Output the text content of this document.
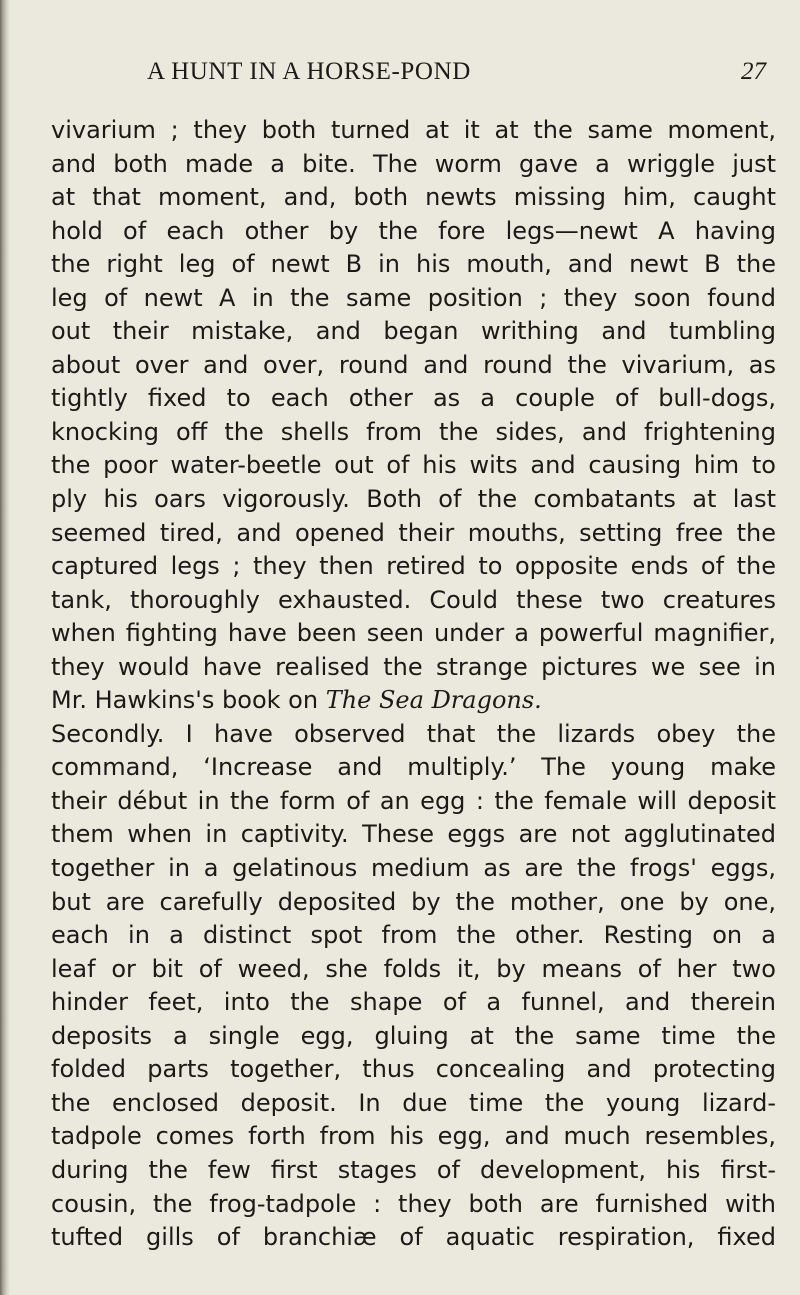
A HUNT IN A HORSE-POND	27
vivarium ; they both turned at it at the same moment,
and both made a bite. The worm gave a wriggle just
at that moment, and, both newts missing him, caught
hold of each other by the fore legs—newt A having
the right leg of newt B in his mouth, and newt B the
leg of newt A in the same position ; they soon found
out their mistake, and began writhing and tumbling
about over and over, round and round the vivarium, as
tightly fixed to each other as a couple of bull-dogs,
knocking off the shells from the sides, and frightening
the poor water-beetle out of his wits and causing him to
ply his oars vigorously. Both of the combatants at last
seemed tired, and opened their mouths, setting free the
captured legs ; they then retired to opposite ends of the
tank, thoroughly exhausted. Could these two creatures
when fighting have been seen under a powerful magnifier,
they would have realised the strange pictures we see in
Mr. Hawkins's book on The Sea Dragons.
Secondly. I have observed that the lizards obey the
command, ‘Increase and multiply.’ The young make
their début in the form of an egg : the female will deposit
them when in captivity. These eggs are not agglutinated
together in a gelatinous medium as are the frogs' eggs,
but are carefully deposited by the mother, one by one,
each in a distinct spot from the other. Resting on a
leaf or bit of weed, she folds it, by means of her two
hinder feet, into the shape of a funnel, and therein
deposits a single egg, gluing at the same time the
folded parts together, thus concealing and protecting
the enclosed deposit. In due time the young lizard-
tadpole comes forth from his egg, and much resembles,
during the few first stages of development, his first-
cousin, the frog-tadpole : they both are furnished with
tufted gills of branchiæ of aquatic respiration, fixed
